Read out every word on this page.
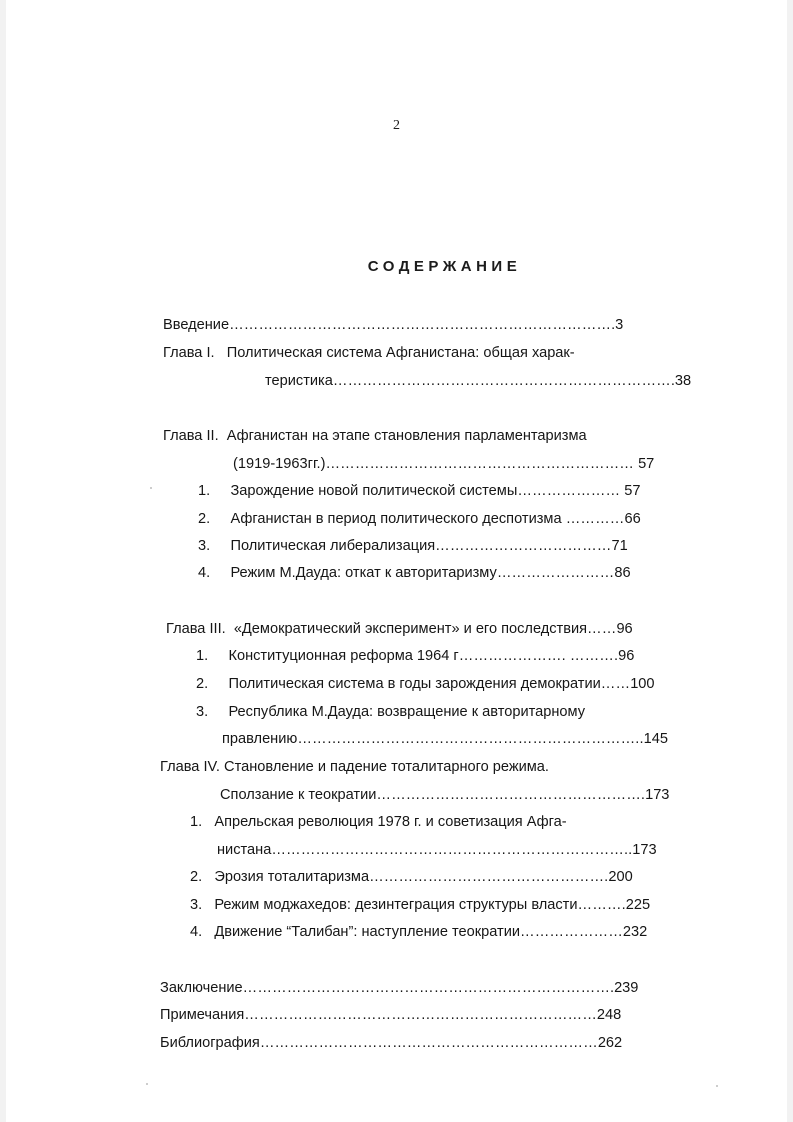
2
СОДЕРЖАНИЕ
Введение…………………………………………………………………….3
Глава I. Политическая система Афганистана: общая харак-
теристика…………………………………………………………….38
Глава II. Афганистан на этапе становления парламентаризма
(1919-1963гг.)……………………………………………………… 57
1. Зарождение новой политической системы………………… 57
2. Афганистан в период политического деспотизма …………66
3. Политическая либерализация………………………………71
4. Режим М.Дауда: откат к авторитаризму……………………86
Глава III. «Демократический эксперимент» и его последствия……96
1. Конституционная реформа 1964 г…………………. ……….96
2. Политическая система в годы зарождения демократии……100
3. Республика М.Дауда: возвращение к авторитарному
правлению……………………………………………………………..145
Глава IV. Становление и падение тоталитарного режима.
Сползание к теократии……………………………………………….173
1. Апрельская революция 1978 г. и советизация Афга-
нистана………………………………………………………………..173
2. Эрозия тоталитаризма………………………………………….200
3. Режим моджахедов: дезинтеграция структуры власти……….225
4. Движение “Талибан”: наступление теократии…………………232
Заключение………………………………………………………………….239
Примечания………………………………………………………………248
Библиография……………………………………………………………262
